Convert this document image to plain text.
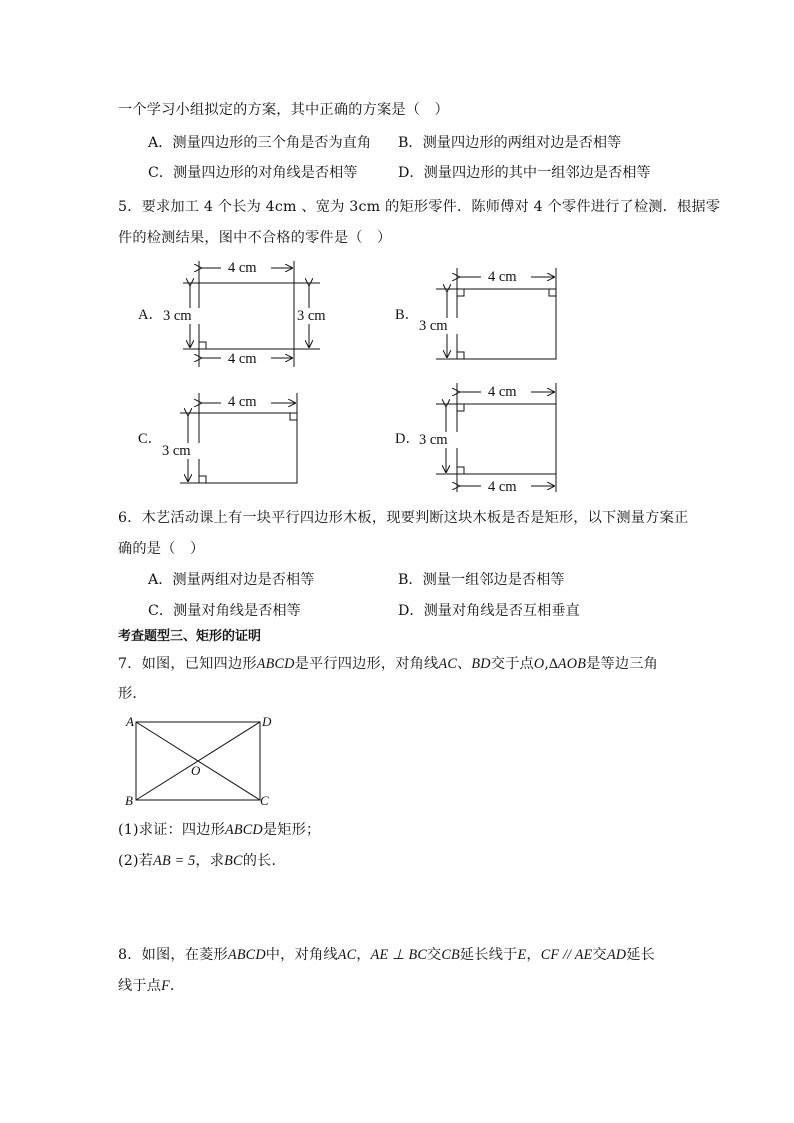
一个学习小组拟定的方案，其中正确的方案是（　）
A．测量四边形的三个角是否为直角 B．测量四边形的两组对边是否相等
C．测量四边形的对角线是否相等	D．测量四边形的其中一组邻边是否相等
5．要求加工 4 个长为 4cm 、宽为 3cm 的矩形零件．陈师傅对 4 个零件进行了检测．根据零
件的检测结果，图中不合格的零件是（　）
4 cm
4 cm
3 cm	3 cm
A．
4 cm
3 cm
B．
4 cm
3 cm
C．
4 cm
4 cm
3 cm
D．
6．木艺活动课上有一块平行四边形木板，现要判断这块木板是否是矩形，以下测量方案正
确的是（　）
A．测量两组对边是否相等	B．测量一组邻边是否相等
C．测量对角线是否相等	D．测量对角线是否互相垂直
考查题型三、矩形的证明
7．如图，已知四边形ABCD是平行四边形，对角线AC、BD交于点O,∆AOB是等边三角
形．
A	D
B	C
O
(1)求证：四边形ABCD是矩形；
(2)若AB = 5，求BC的长．
8．如图，在菱形ABCD中，对角线AC，AE ⊥ BC交CB延长线于E，CF // AE交AD延长
线于点F．
